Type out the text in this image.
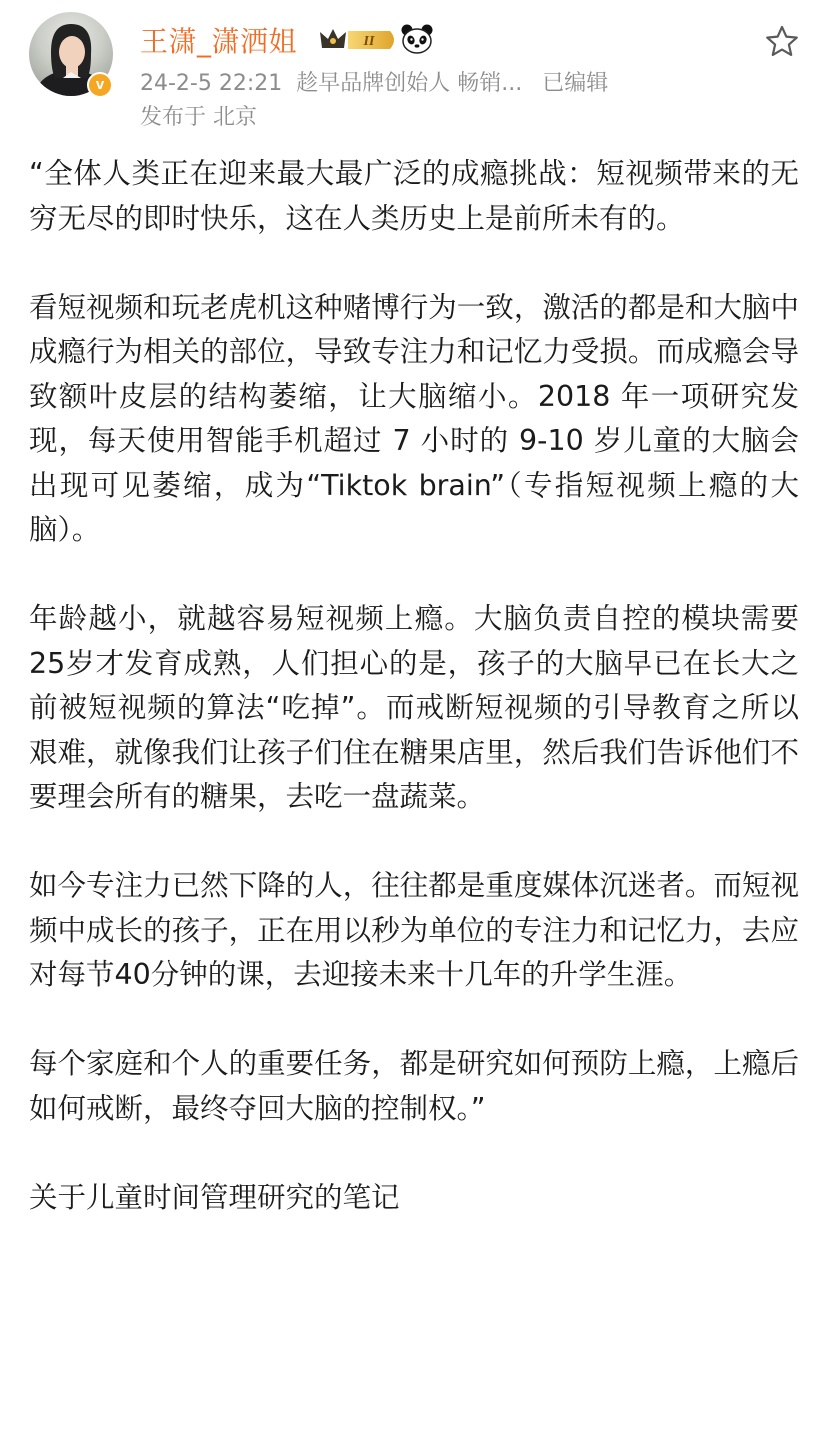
v
王潇_潇洒姐	II
24-2-5 22:21 趁早品牌创始人 畅销... 已编辑
发布于 北京

“全体人类正在迎来最大最广泛的成瘾挑战：短视频带来的无穷无尽的即时快乐，这在人类历史上是前所未有的。

看短视频和玩老虎机这种赌博行为一致，激活的都是和大脑中成瘾行为相关的部位，导致专注力和记忆力受损。而成瘾会导致额叶皮层的结构萎缩，让大脑缩小。2018 年一项研究发现，每天使用智能手机超过 7 小时的 9-10 岁儿童的大脑会出现可见萎缩，成为“Tiktok brain”（专指短视频上瘾的大脑）。

年龄越小，就越容易短视频上瘾。大脑负责自控的模块需要25岁才发育成熟，人们担心的是，孩子的大脑早已在长大之前被短视频的算法“吃掉”。而戒断短视频的引导教育之所以艰难，就像我们让孩子们住在糖果店里，然后我们告诉他们不要理会所有的糖果，去吃一盘蔬菜。

如今专注力已然下降的人，往往都是重度媒体沉迷者。而短视频中成长的孩子，正在用以秒为单位的专注力和记忆力，去应对每节40分钟的课，去迎接未来十几年的升学生涯。

每个家庭和个人的重要任务，都是研究如何预防上瘾，上瘾后如何戒断，最终夺回大脑的控制权。”

关于儿童时间管理研究的笔记
